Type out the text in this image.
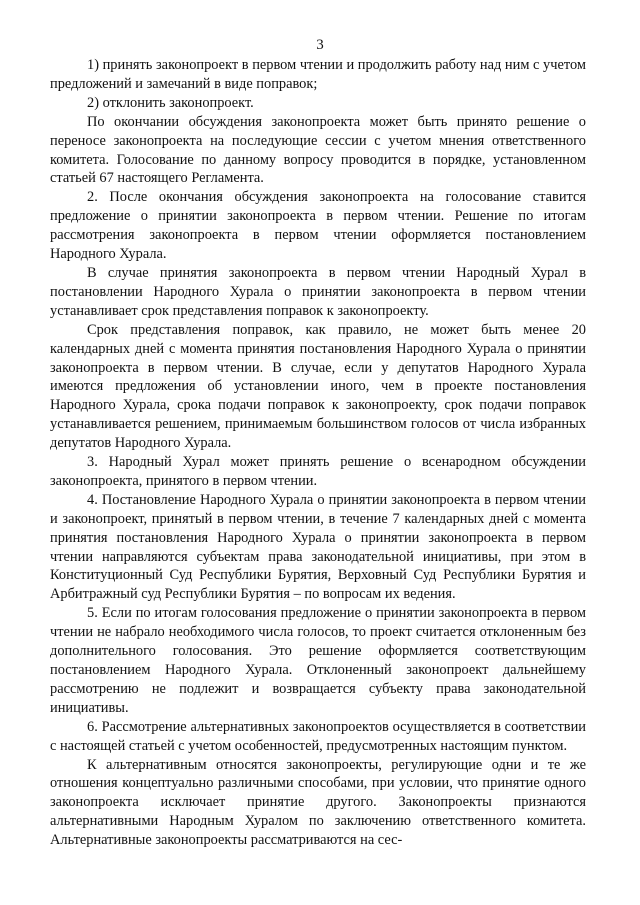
3

1) принять законопроект в первом чтении и продолжить работу над ним с учетом предложений и замечаний в виде поправок;

2) отклонить законопроект.

По окончании обсуждения законопроекта может быть принято решение о переносе законопроекта на последующие сессии с учетом мнения ответственного комитета. Голосование по данному вопросу проводится в порядке, установленном статьей 67 настоящего Регламента.

2. После окончания обсуждения законопроекта на голосование ставится предложение о принятии законопроекта в первом чтении. Решение по итогам рассмотрения законопроекта в первом чтении оформляется постановлением Народного Хурала.

В случае принятия законопроекта в первом чтении Народный Хурал в постановлении Народного Хурала о принятии законопроекта в первом чтении устанавливает срок представления поправок к законопроекту.

Срок представления поправок, как правило, не может быть менее 20 календарных дней с момента принятия постановления Народного Хурала о принятии законопроекта в первом чтении. В случае, если у депутатов Народного Хурала имеются предложения об установлении иного, чем в проекте постановления Народного Хурала, срока подачи поправок к законопроекту, срок подачи поправок устанавливается решением, принимаемым большинством голосов от числа избранных депутатов Народного Хурала.

3. Народный Хурал может принять решение о всенародном обсуждении законопроекта, принятого в первом чтении.

4. Постановление Народного Хурала о принятии законопроекта в первом чтении и законопроект, принятый в первом чтении, в течение 7 календарных дней с момента принятия постановления Народного Хурала о принятии законопроекта в первом чтении направляются субъектам права законодательной инициативы, при этом в Конституционный Суд Республики Бурятия, Верховный Суд Республики Бурятия и Арбитражный суд Республики Бурятия – по вопросам их ведения.

5. Если по итогам голосования предложение о принятии законопроекта в первом чтении не набрало необходимого числа голосов, то проект считается отклоненным без дополнительного голосования. Это решение оформляется соответствующим постановлением Народного Хурала. Отклоненный законопроект дальнейшему рассмотрению не подлежит и возвращается субъекту права законодательной инициативы.

6. Рассмотрение альтернативных законопроектов осуществляется в соответствии с настоящей статьей с учетом особенностей, предусмотренных настоящим пунктом.

К альтернативным относятся законопроекты, регулирующие одни и те же отношения концептуально различными способами, при условии, что принятие одного законопроекта исключает принятие другого. Законопроекты признаются альтернативными Народным Хуралом по заключению ответственного комитета. Альтернативные законопроекты рассматриваются на сес-
